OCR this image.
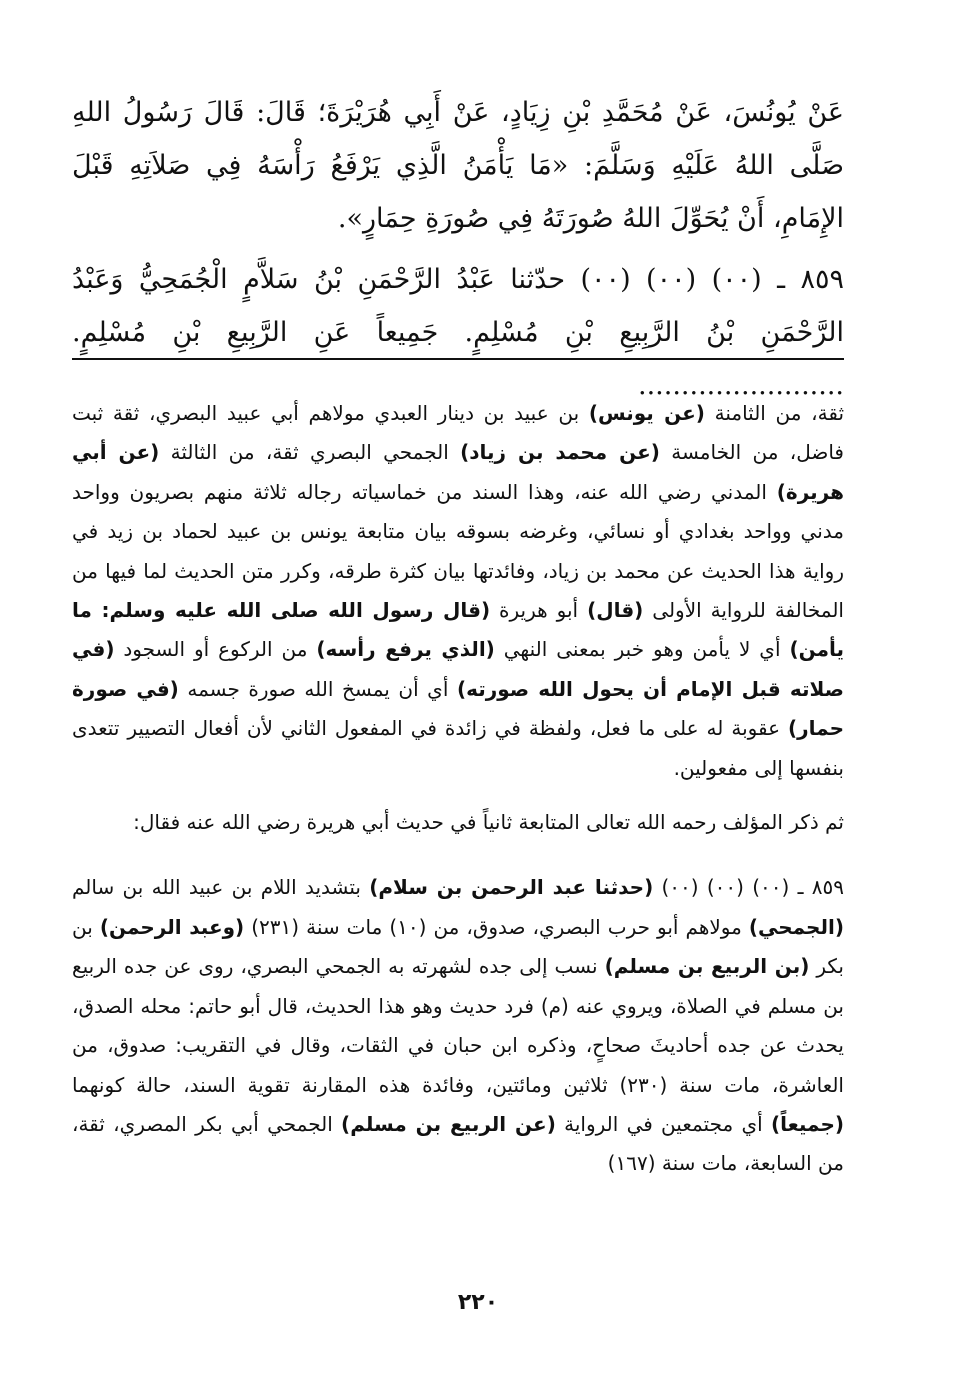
عَنْ يُونُسَ، عَنْ مُحَمَّدِ بْنِ زِيَادٍ، عَنْ أَبِي هُرَيْرَةَ؛ قَالَ: قَالَ رَسُولُ اللهِ صَلَّى اللهُ عَلَيْهِ وَسَلَّمَ: «مَا يَأْمَنُ الَّذِي يَرْفَعُ رَأْسَهُ فِي صَلاَتِهِ قَبْلَ الإِمَامِ، أَنْ يُحَوِّلَ اللهُ صُورَتَهُ فِي صُورَةِ حِمَارٍ».

٨٥٩ ـ (٠٠) (٠٠) (٠٠) حدّثنا عَبْدُ الرَّحْمَنِ بْنُ سَلاَّمٍ الْجُمَحِيُّ وَعَبْدُ الرَّحْمَنِ بْنُ الرَّبِيعِ بْنِ مُسْلِمٍ. جَمِيعاً عَنِ الرَّبِيعِ بْنِ مُسْلِمٍ. ........................

ثقة، من الثامنة (عن يونس) بن عبيد بن دينار العبدي مولاهم أبي عبيد البصري، ثقة ثبت فاضل، من الخامسة (عن محمد بن زياد) الجمحي البصري ثقة، من الثالثة (عن أبي هريرة) المدني رضي الله عنه، وهذا السند من خماسياته رجاله ثلاثة منهم بصريون وواحد مدني وواحد بغدادي أو نسائي، وغرضه بسوقه بيان متابعة يونس بن عبيد لحماد بن زيد في رواية هذا الحديث عن محمد بن زياد، وفائدتها بيان كثرة طرقه، وكرر متن الحديث لما فيها من المخالفة للرواية الأولى (قال) أبو هريرة (قال رسول الله صلى الله عليه وسلم: ما يأمن) أي لا يأمن وهو خبر بمعنى النهي (الذي يرفع رأسه) من الركوع أو السجود (في صلاته قبل الإمام أن يحول الله صورته) أي أن يمسخ الله صورة جسمه (في صورة حمار) عقوبة له على ما فعل، ولفظة في زائدة في المفعول الثاني لأن أفعال التصيير تتعدى بنفسها إلى مفعولين.

ثم ذكر المؤلف رحمه الله تعالى المتابعة ثانياً في حديث أبي هريرة رضي الله عنه فقال:

٨٥٩ ـ (٠٠) (٠٠) (٠٠) (حدثنا عبد الرحمن بن سلام) بتشديد اللام بن عبيد الله بن سالم (الجمحي) مولاهم أبو حرب البصري، صدوق، من (١٠) مات سنة (٢٣١) (وعبد الرحمن) بن بكر (بن الربيع بن مسلم) نسب إلى جده لشهرته به الجمحي البصري، روى عن جده الربيع بن مسلم في الصلاة، ويروي عنه (م) فرد حديث وهو هذا الحديث، قال أبو حاتم: محله الصدق، يحدث عن جده أحاديثَ صحاحٍ، وذكره ابن حبان في الثقات، وقال في التقريب: صدوق، من العاشرة، مات سنة (٢٣٠) ثلاثين ومائتين، وفائدة هذه المقارنة تقوية السند، حالة كونهما (جميعاً) أي مجتمعين في الرواية (عن الربيع بن مسلم) الجمحي أبي بكر المصري، ثقة، من السابعة، مات سنة (١٦٧)

٢٢٠
